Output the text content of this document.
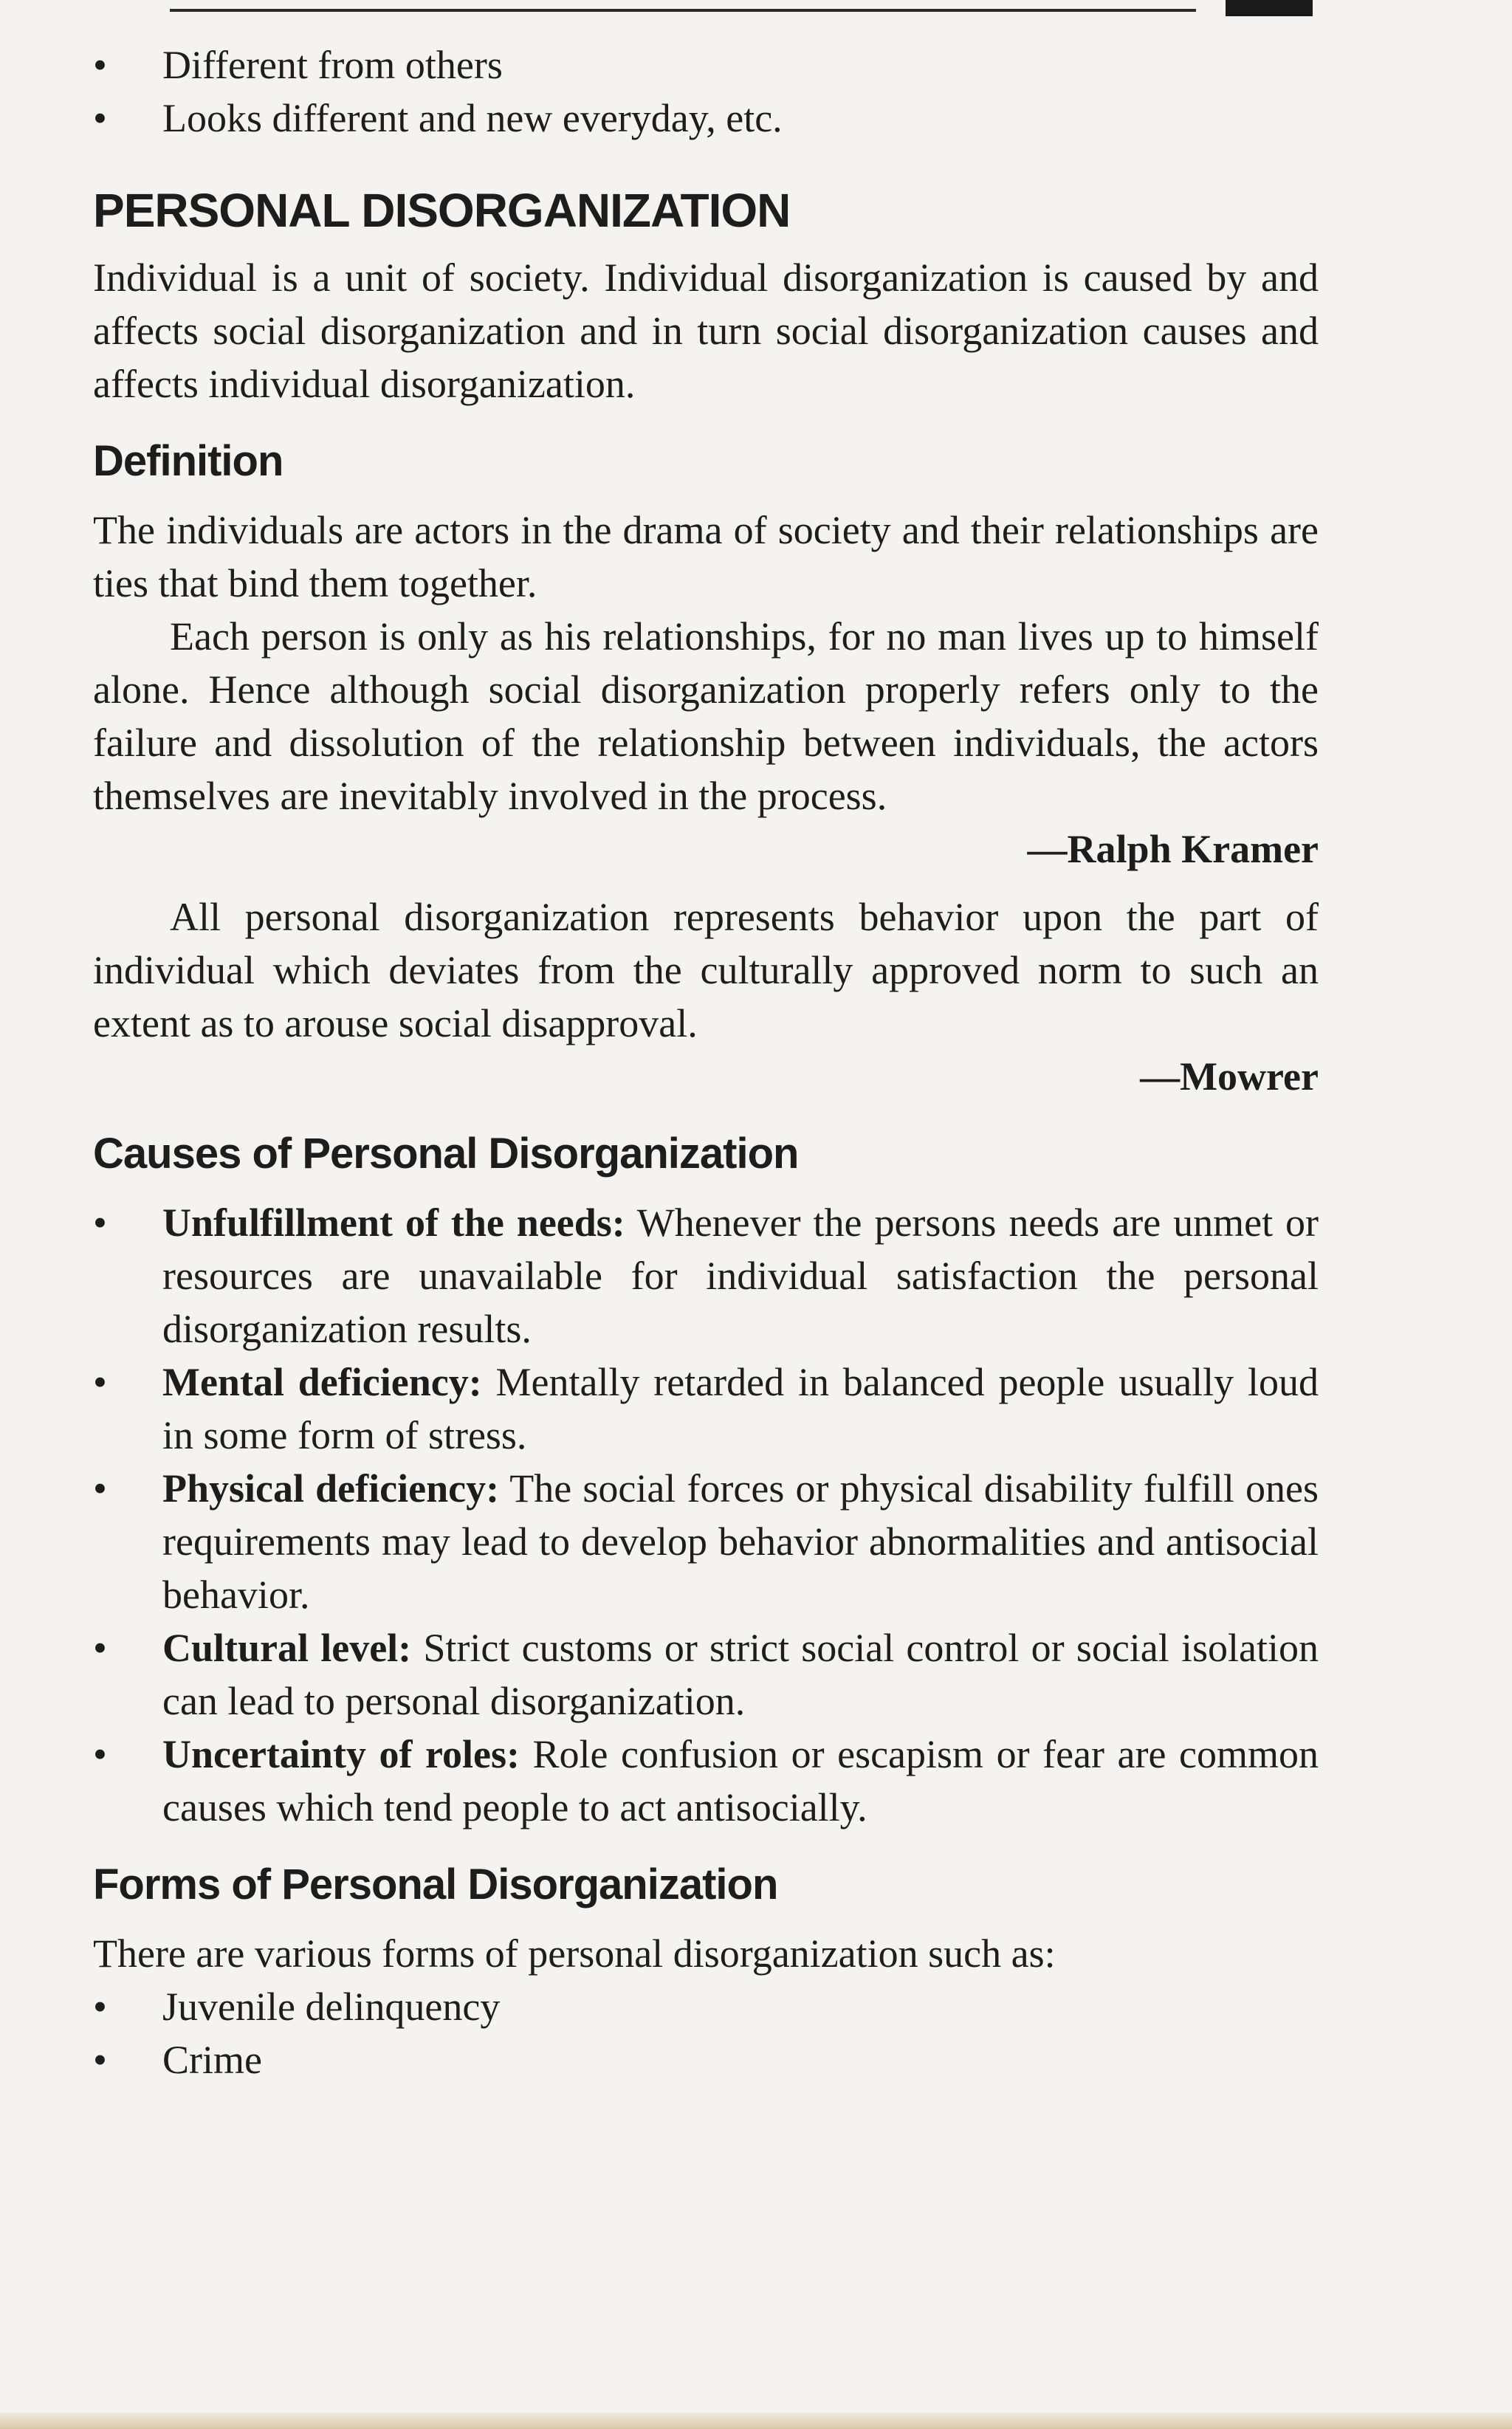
• Different from others
• Looks different and new everyday, etc.
PERSONAL DISORGANIZATION

Individual is a unit of society. Individual disorganization is caused by and affects social disorganization and in turn social disorganization causes and affects individual disorganization.

Definition

The individuals are actors in the drama of society and their relationships are ties that bind them together.

Each person is only as his relationships, for no man lives up to himself alone. Hence although social disorganization properly refers only to the failure and dissolution of the relationship between individuals, the actors themselves are inevitably involved in the process.

—Ralph Kramer

All personal disorganization represents behavior upon the part of individual which deviates from the culturally approved norm to such an extent as to arouse social disapproval.

—Mowrer

Causes of Personal Disorganization
• Unfulfillment of the needs: Whenever the persons needs are unmet or resources are unavailable for individual satisfaction the personal disorganization results.
• Mental deficiency: Mentally retarded in balanced people usually loud in some form of stress.
• Physical deficiency: The social forces or physical disability fulfill ones requirements may lead to develop behavior abnormalities and antisocial behavior.
• Cultural level: Strict customs or strict social control or social isolation can lead to personal disorganization.
• Uncertainty of roles: Role confusion or escapism or fear are common causes which tend people to act antisocially.
Forms of Personal Disorganization

There are various forms of personal disorganization such as:

• Juvenile delinquency
• Crime
